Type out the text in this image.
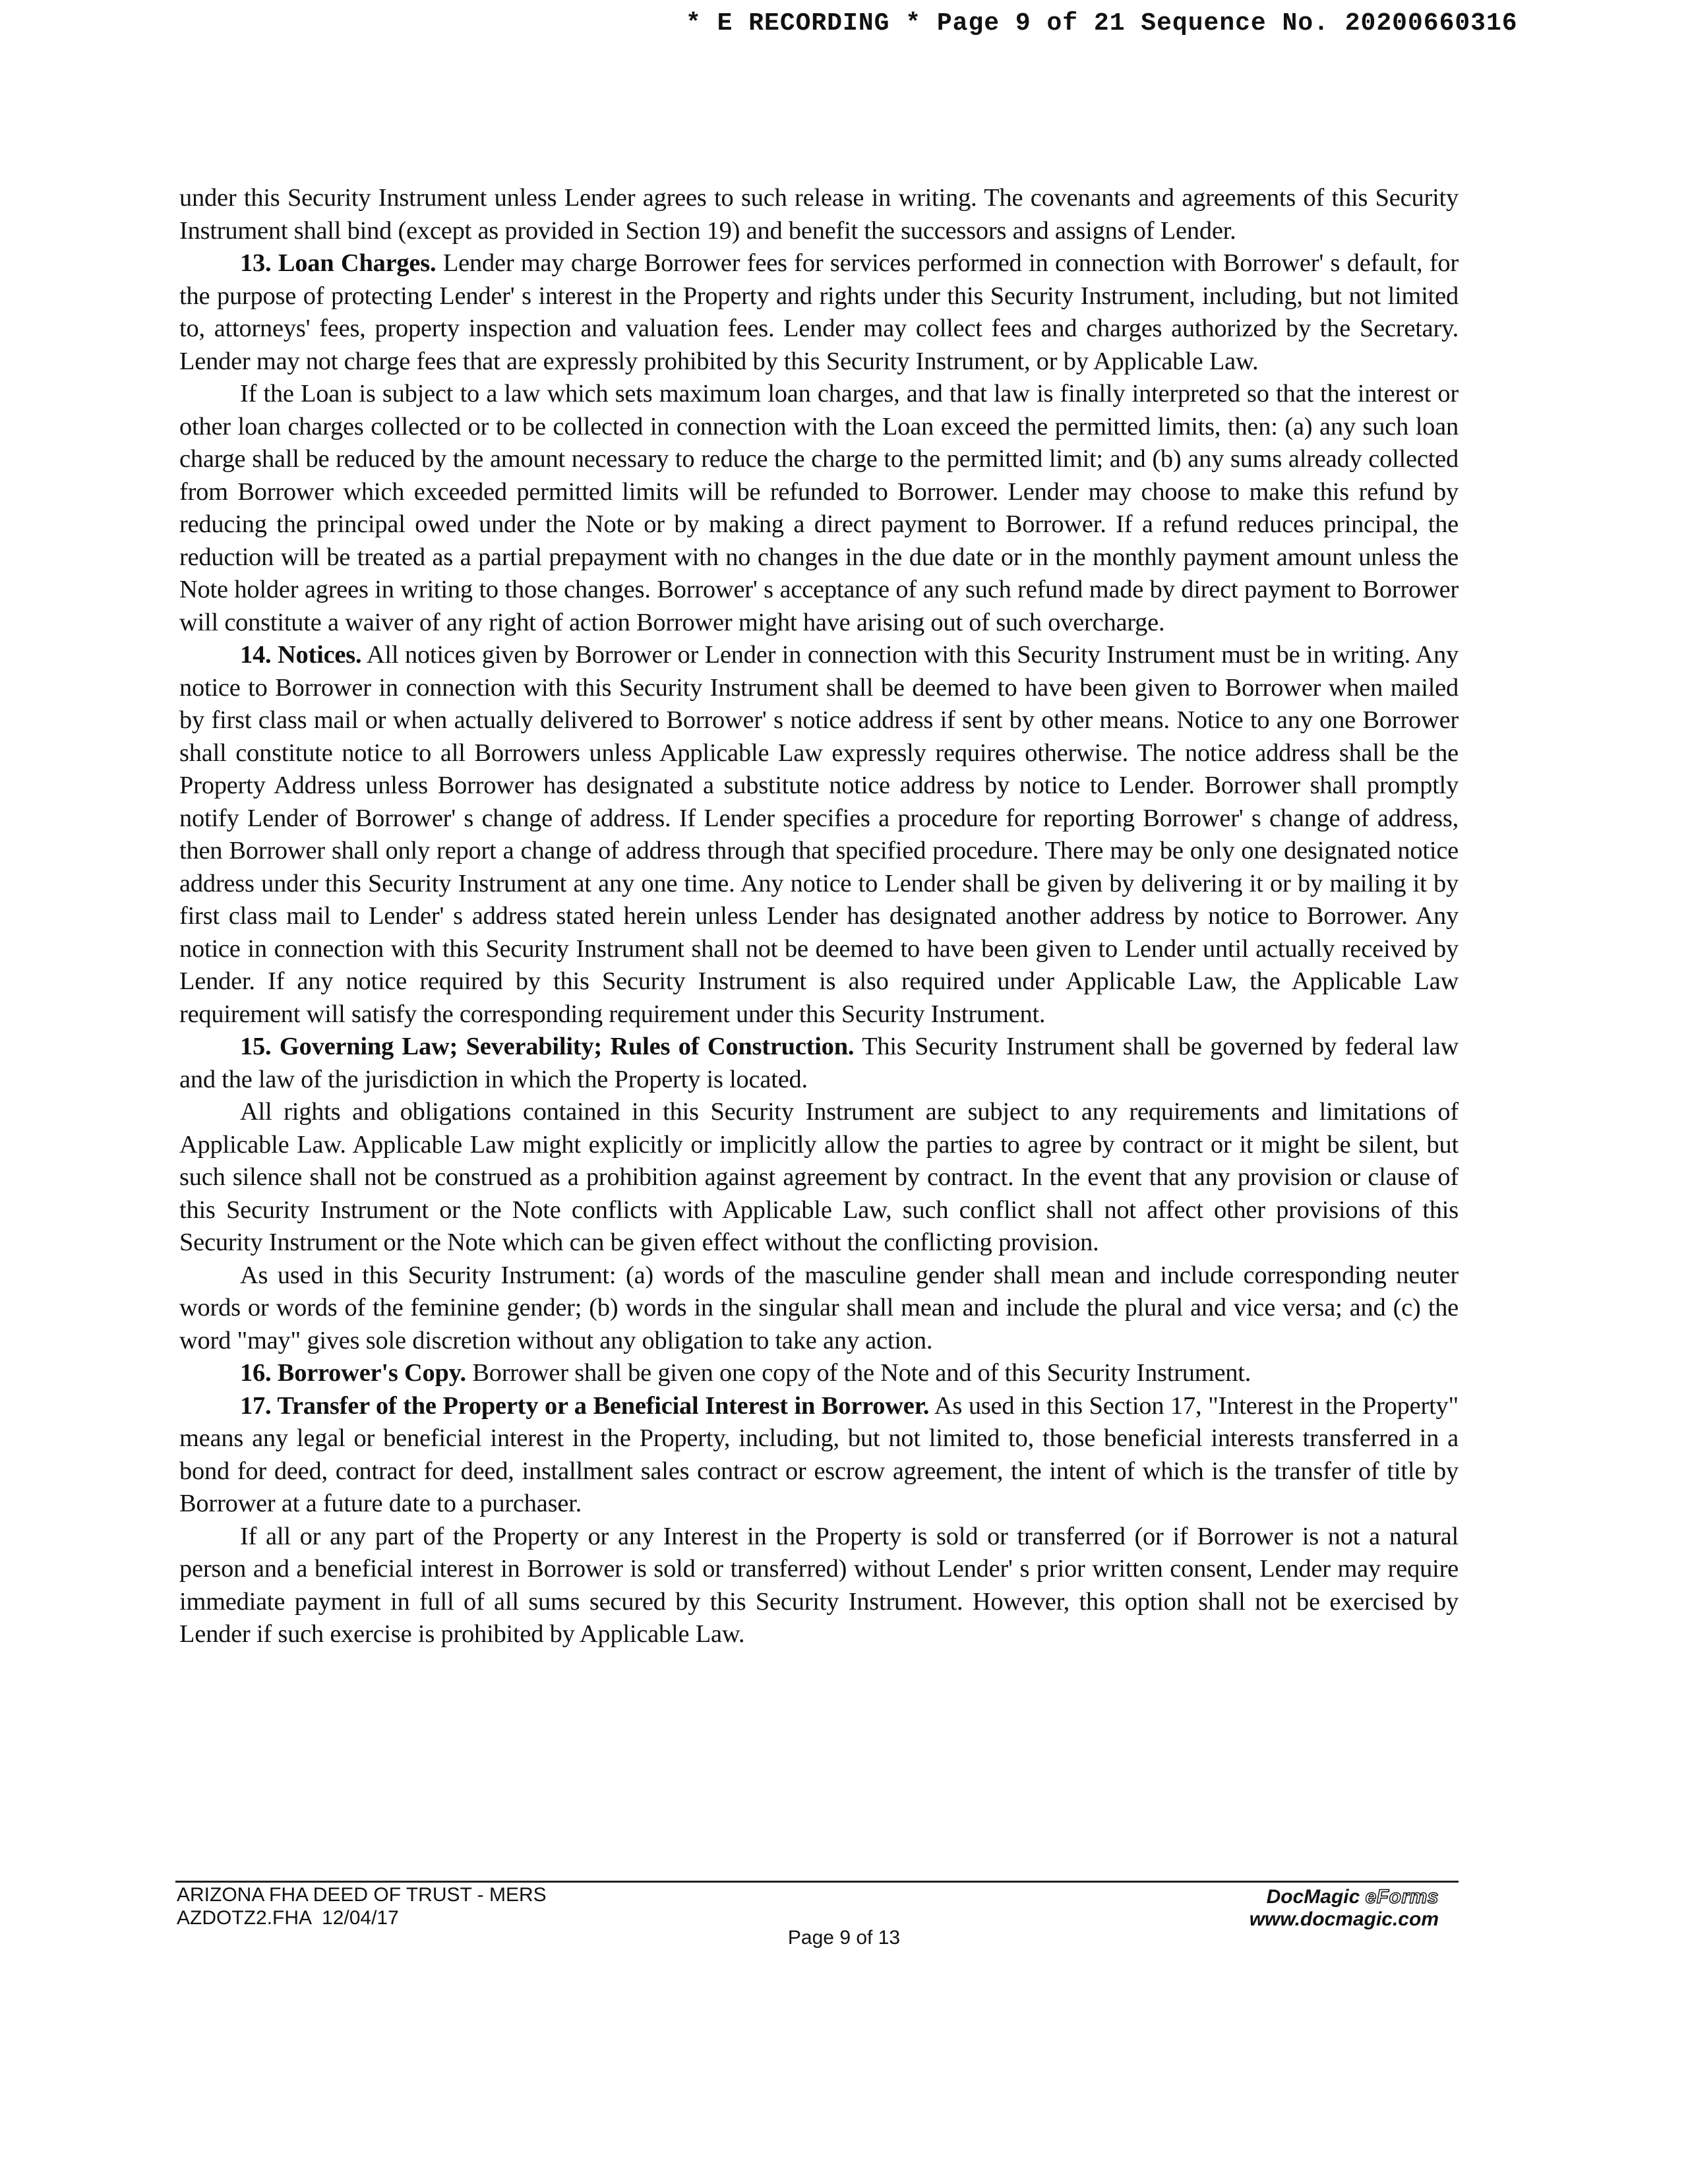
* E RECORDING * Page 9 of 21 Sequence No. 20200660316

under this Security Instrument unless Lender agrees to such release in writing. The covenants and agreements of this Security Instrument shall bind (except as provided in Section 19) and benefit the successors and assigns of Lender.

13. Loan Charges. Lender may charge Borrower fees for services performed in connection with Borrower' s default, for the purpose of protecting Lender' s interest in the Property and rights under this Security Instrument, including, but not limited to, attorneys' fees, property inspection and valuation fees. Lender may collect fees and charges authorized by the Secretary. Lender may not charge fees that are expressly prohibited by this Security Instrument, or by Applicable Law.

If the Loan is subject to a law which sets maximum loan charges, and that law is finally interpreted so that the interest or other loan charges collected or to be collected in connection with the Loan exceed the permitted limits, then: (a) any such loan charge shall be reduced by the amount necessary to reduce the charge to the permitted limit; and (b) any sums already collected from Borrower which exceeded permitted limits will be refunded to Borrower. Lender may choose to make this refund by reducing the principal owed under the Note or by making a direct payment to Borrower. If a refund reduces principal, the reduction will be treated as a partial prepayment with no changes in the due date or in the monthly payment amount unless the Note holder agrees in writing to those changes. Borrower' s acceptance of any such refund made by direct payment to Borrower will constitute a waiver of any right of action Borrower might have arising out of such overcharge.

14. Notices. All notices given by Borrower or Lender in connection with this Security Instrument must be in writing. Any notice to Borrower in connection with this Security Instrument shall be deemed to have been given to Borrower when mailed by first class mail or when actually delivered to Borrower' s notice address if sent by other means. Notice to any one Borrower shall constitute notice to all Borrowers unless Applicable Law expressly requires otherwise. The notice address shall be the Property Address unless Borrower has designated a substitute notice address by notice to Lender. Borrower shall promptly notify Lender of Borrower' s change of address. If Lender specifies a procedure for reporting Borrower' s change of address, then Borrower shall only report a change of address through that specified procedure. There may be only one designated notice address under this Security Instrument at any one time. Any notice to Lender shall be given by delivering it or by mailing it by first class mail to Lender' s address stated herein unless Lender has designated another address by notice to Borrower. Any notice in connection with this Security Instrument shall not be deemed to have been given to Lender until actually received by Lender. If any notice required by this Security Instrument is also required under Applicable Law, the Applicable Law requirement will satisfy the corresponding requirement under this Security Instrument.

15. Governing Law; Severability; Rules of Construction. This Security Instrument shall be governed by federal law and the law of the jurisdiction in which the Property is located.

All rights and obligations contained in this Security Instrument are subject to any requirements and limitations of Applicable Law. Applicable Law might explicitly or implicitly allow the parties to agree by contract or it might be silent, but such silence shall not be construed as a prohibition against agreement by contract. In the event that any provision or clause of this Security Instrument or the Note conflicts with Applicable Law, such conflict shall not affect other provisions of this Security Instrument or the Note which can be given effect without the conflicting provision.

As used in this Security Instrument: (a) words of the masculine gender shall mean and include corresponding neuter words or words of the feminine gender; (b) words in the singular shall mean and include the plural and vice versa; and (c) the word "may" gives sole discretion without any obligation to take any action.

16. Borrower's Copy. Borrower shall be given one copy of the Note and of this Security Instrument.

17. Transfer of the Property or a Beneficial Interest in Borrower. As used in this Section 17, "Interest in the Property" means any legal or beneficial interest in the Property, including, but not limited to, those beneficial interests transferred in a bond for deed, contract for deed, installment sales contract or escrow agreement, the intent of which is the transfer of title by Borrower at a future date to a purchaser.

If all or any part of the Property or any Interest in the Property is sold or transferred (or if Borrower is not a natural person and a beneficial interest in Borrower is sold or transferred) without Lender' s prior written consent, Lender may require immediate payment in full of all sums secured by this Security Instrument. However, this option shall not be exercised by Lender if such exercise is prohibited by Applicable Law.

ARIZONA FHA DEED OF TRUST - MERS
AZDOTZ2.FHA  12/04/17
DocMagic eForms
www.docmagic.com
Page 9 of 13
